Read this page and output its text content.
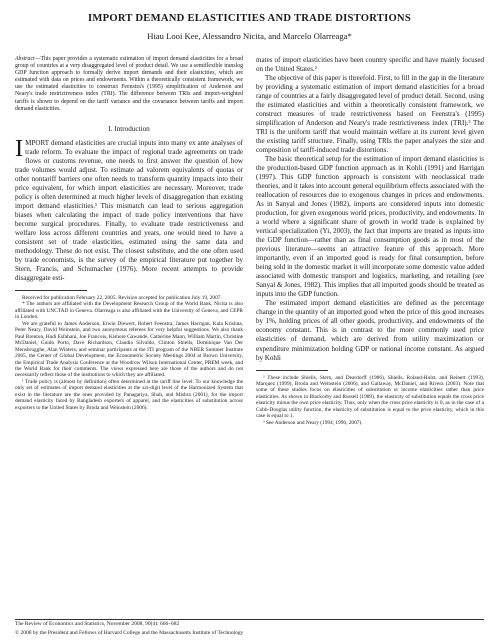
IMPORT DEMAND ELASTICITIES AND TRADE DISTORTIONS
Hiau Looi Kee, Alessandro Nicita, and Marcelo Olarreaga*

Abstract—This paper provides a systematic estimation of import demand elasticities for a broad group of countries at a very disaggregated level of product detail. We use a semiflexible translog GDP function approach to formally derive import demands and their elasticities, which are estimated with data on prices and endowments. Within a theoretically consistent framework, we use the estimated elasticities to construct Feenstra's (1995) simplification of Anderson and Neary's trade restrictiveness index (TRI). The difference between TRIs and import-weighted tariffs is shown to depend on the tariff variance and the covariance between tariffs and import demand elasticities.

I. Introduction

IMPORT demand elasticities are crucial inputs into many ex ante analyses of trade reform. To evaluate the impact of regional trade agreements on trade flows or customs revenue, one needs to first answer the question of how trade volumes would adjust. To estimate ad valorem equivalents of quotas or other nontariff barriers one often needs to transform quantity impacts into their price equivalent, for which import elasticities are necessary. Moreover, trade policy is often determined at much higher levels of disaggregation than existing import demand elasticities.¹ This mismatch can lead to serious aggregation biases when calculating the impact of trade policy interventions that have become surgical procedures. Finally, to evaluate trade restrictiveness and welfare loss across different countries and years, one would need to have a consistent set of trade elasticities, estimated using the same data and methodology. These do not exist. The closest substitute, and the one often used by trade economists, is the survey of the empirical literature put together by Stern, Francis, and Schumacher (1976). More recent attempts to provide disaggregate esti-

Received for publication February 22, 2005. Revision accepted for publication July 19, 2007.

* The authors are affiliated with the Development Research Group of the World Bank. Nicita is also affiliated with UNCTAD in Geneva. Olarreaga is also affiliated with the University of Geneva, and CEPR in London.

We are grateful to James Anderson, Erwin Diewert, Robert Feenstra, James Harrigan, Kala Krishna, Peter Neary, David Weinstein, and two anonymous referees for very helpful suggestions. We also thank Paul Brenton, Hadi Esfahani, Joe Francois, Kishore Gawande, Catherine Mann, William Martin, Christine McDaniel, Guido Porto, Dave Richardson, Claudio Silvaldo, Clinton Shiells, Dominique Van Der Mensbrugghe, Alan Winters, and seminar participants at the ITI program of the NBER Summer Institute 2005, the Center of Global Development, the Econometric Society Meetings 2004 at Brown University, the Empirical Trade Analysis Conference at the Woodrow Wilson International Center, PREM week, and the World Bank for their comments. The views expressed here are those of the authors and do not necessarily reflect those of the institutions to which they are affiliated.

¹ Trade policy is (almost by definition) often determined at the tariff line level. To our knowledge the only set of estimates of import demand elasticities at the six-digit level of the Harmonized System that exist in the literature are the ones provided by Panagariya, Shah, and Mishra (2001), for the import demand elasticity faced by Bangladesh exporters of apparel, and the elasticities of substitution across exporters to the United States by Broda and Weinstein (2006).

mates of import elasticities have been country specific and have mainly focused on the United States.²

The objective of this paper is threefold. First, to fill in the gap in the literature by providing a systematic estimation of import demand elasticities for a broad range of countries at a fairly disaggregated level of product detail. Second, using the estimated elasticities and within a theoretically consistent framework, we construct measures of trade restrictiveness based on Feenstra's (1995) simplification of Anderson and Neary's trade restrictiveness index (TRI).³ The TRI is the uniform tariff that would maintain welfare at its current level given the existing tariff structure. Finally, using TRIs the paper analyzes the size and composition of tariff-induced trade distortions.

The basic theoretical setup for the estimation of import demand elasticities is the production-based GDP function approach as in Kohli (1991) and Harrigan (1997). This GDP function approach is consistent with neoclassical trade theories, and it takes into account general equilibrium effects associated with the reallocation of resources due to exogenous changes in prices and endowments. As in Sanyal and Jones (1982), imports are considered inputs into domestic production, for given exogenous world prices, productivity, and endowments. In a world where a significant share of growth in world trade is explained by vertical specialization (Yi, 2003), the fact that imports are treated as inputs into the GDP function—rather than as final consumption goods as in most of the previous literature—seems an attractive feature of this approach. More importantly, even if an imported good is ready for final consumption, before being sold in the domestic market it will incorporate some domestic value added associated with domestic transport and logistics, marketing, and retailing (see Sanyal & Jones, 1982). This implies that all imported goods should be treated as inputs into the GDP function.

The estimated import demand elasticities are defined as the percentage change in the quantity of an imported good when the price of this good increases by 1%, holding prices of all other goods, productivity, and endowments of the economy constant. This is in contrast to the more commonly used price elasticities of demand, which are derived from utility maximization or expenditure minimization holding GDP or national income constant. As argued by Kohli

² These include Shiells, Stern, and Deardorff (1986), Shiells, Roland-Holst, and Reinert (1993), Marquez (1999), Broda and Weinstein (2006), and Gallaway, McDaniel, and Rivera (2003). Note that some of these studies focus on elasticities of substitution or income elasticities rather than price elasticities. As shown in Blackorby and Russell (1989), the elasticity of substitution equals the cross price elasticity minus the own price elasticity. Thus, only when the cross price elasticity is 0, as in the case of a Cobb-Douglas utility function, the elasticity of substitution is equal to the price elasticity, which in this case is equal to 1.

³ See Anderson and Neary (1994, 1996, 2007).

The Review of Economics and Statistics, November 2008, 90(4): 666–682
© 2008 by the President and Fellows of Harvard College and the Massachusetts Institute of Technology
